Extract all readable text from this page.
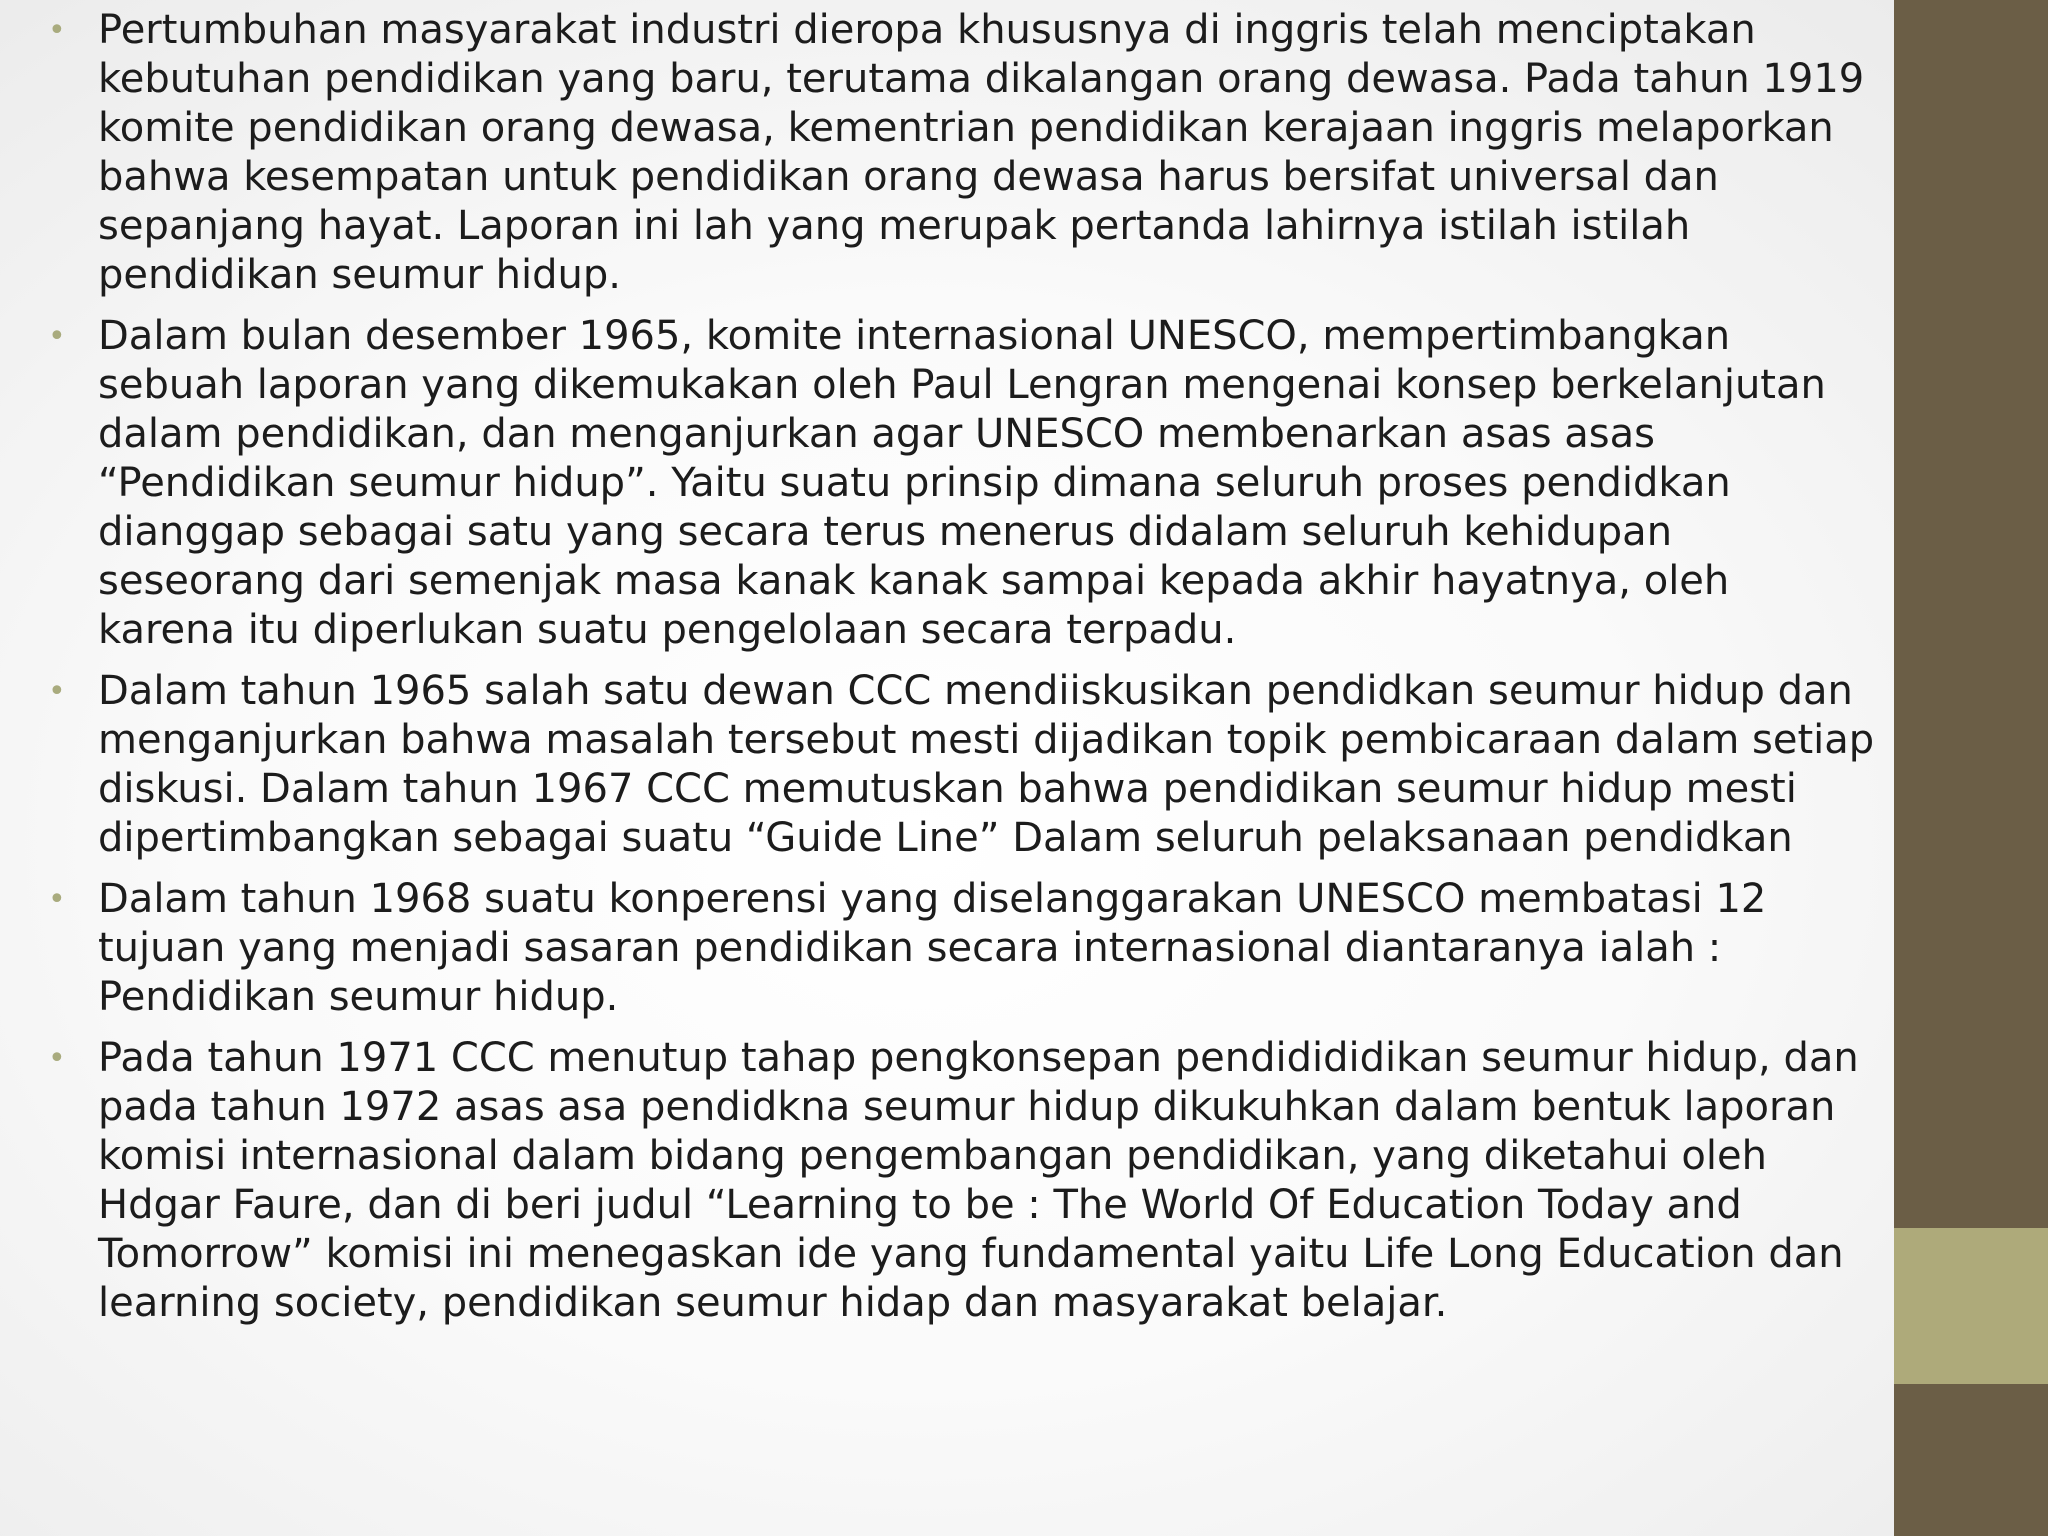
• Pertumbuhan masyarakat industri dieropa khususnya di inggris telah menciptakan kebutuhan pendidikan yang baru, terutama dikalangan orang dewasa. Pada tahun 1919 komite pendidikan orang dewasa, kementrian pendidikan kerajaan inggris melaporkan bahwa kesempatan untuk pendidikan orang dewasa harus bersifat universal dan sepanjang hayat. Laporan ini lah yang merupak pertanda lahirnya istilah istilah pendidikan seumur hidup.
• Dalam bulan desember 1965, komite internasional UNESCO, mempertimbangkan sebuah laporan yang dikemukakan oleh Paul Lengran mengenai konsep berkelanjutan dalam pendidikan, dan menganjurkan agar UNESCO membenarkan asas asas “Pendidikan seumur hidup”. Yaitu suatu prinsip dimana seluruh proses pendidkan dianggap sebagai satu yang secara terus menerus didalam seluruh kehidupan seseorang dari semenjak masa kanak kanak sampai kepada akhir hayatnya, oleh karena itu diperlukan suatu pengelolaan secara terpadu.
• Dalam tahun 1965 salah satu dewan CCC mendiiskusikan pendidkan seumur hidup dan menganjurkan bahwa masalah tersebut mesti dijadikan topik pembicaraan dalam setiap diskusi. Dalam tahun 1967 CCC memutuskan bahwa pendidikan seumur hidup mesti dipertimbangkan sebagai suatu “Guide Line” Dalam seluruh pelaksanaan pendidkan
• Dalam tahun 1968 suatu konperensi yang diselanggarakan UNESCO membatasi 12 tujuan yang menjadi sasaran pendidikan secara internasional diantaranya ialah : Pendidikan seumur hidup.
• Pada tahun 1971 CCC menutup tahap pengkonsepan pendidididikan seumur hidup, dan pada tahun 1972 asas asa pendidkna seumur hidup dikukuhkan dalam bentuk laporan komisi internasional dalam bidang pengembangan pendidikan, yang diketahui oleh Hdgar Faure, dan di beri judul “Learning to be : The World Of Education Today and Tomorrow” komisi ini menegaskan ide yang fundamental yaitu Life Long Education dan learning society, pendidikan seumur hidap dan masyarakat belajar.
